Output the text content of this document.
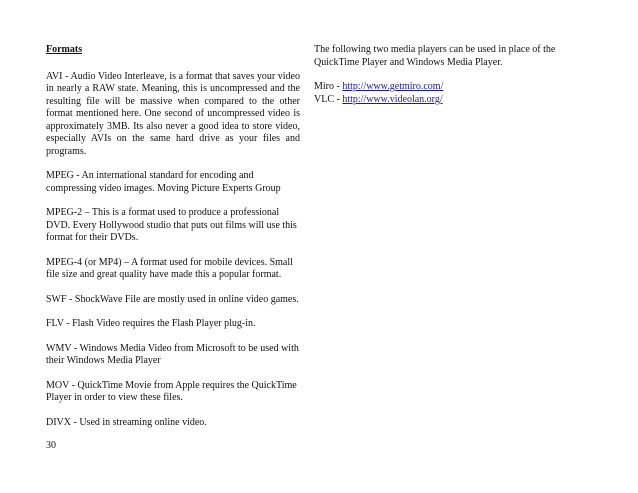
Formats

AVI - Audio Video Interleave, is a format that saves your video in nearly a RAW state. Meaning, this is uncompressed and the resulting file will be massive when compared to the other format mentioned here. One second of uncompressed video is approximately 3MB. Its also never a good idea to store video, especially AVIs on the same hard drive as your files and programs.

MPEG - An international standard for encoding and compressing video images. Moving Picture Experts Group

MPEG-2 – This is a format used to produce a professional DVD. Every Hollywood studio that puts out films will use this format for their DVDs.

MPEG-4 (or MP4) – A format used for mobile devices. Small file size and great quality have made this a popular format.

SWF - ShockWave File are mostly used in online video games.

FLV - Flash Video requires the Flash Player plug-in.

WMV - Windows Media Video from Microsoft to be used with their Windows Media Player

MOV - QuickTime Movie from Apple requires the QuickTime Player in order to view these files.

DIVX - Used in streaming online video.

The following two media players can be used in place of the QuickTime Player and Windows Media Player.

Miro - http://www.getmiro.com/
VLC - http://www.videolan.org/
30
